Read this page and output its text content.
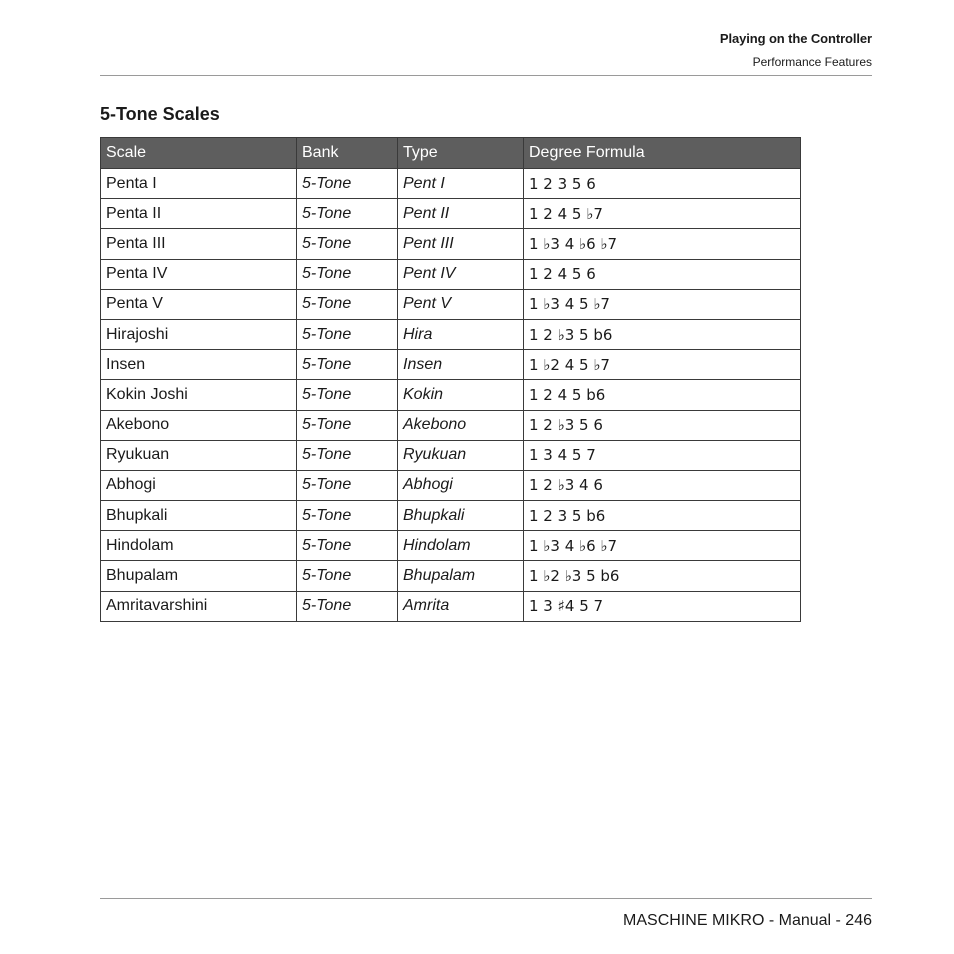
Playing on the Controller
Performance Features
5-Tone Scales
Scale	Bank	Type	Degree Formula
Penta I	5-Tone	Pent I	1 2 3 5 6
Penta II	5-Tone	Pent II	1 2 4 5 ♭7
Penta III	5-Tone	Pent III	1 ♭3 4 ♭6 ♭7
Penta IV	5-Tone	Pent IV	1 2 4 5 6
Penta V	5-Tone	Pent V	1 ♭3 4 5 ♭7
Hirajoshi	5-Tone	Hira	1 2 ♭3 5 b6
Insen	5-Tone	Insen	1 ♭2 4 5 ♭7
Kokin Joshi	5-Tone	Kokin	1 2 4 5 b6
Akebono	5-Tone	Akebono	1 2 ♭3 5 6
Ryukuan	5-Tone	Ryukuan	1 3 4 5 7
Abhogi	5-Tone	Abhogi	1 2 ♭3 4 6
Bhupkali	5-Tone	Bhupkali	1 2 3 5 b6
Hindolam	5-Tone	Hindolam	1 ♭3 4 ♭6 ♭7
Bhupalam	5-Tone	Bhupalam	1 ♭2 ♭3 5 b6
Amritavarshini	5-Tone	Amrita	1 3 ♯4 5 7
MASCHINE MIKRO - Manual - 246
